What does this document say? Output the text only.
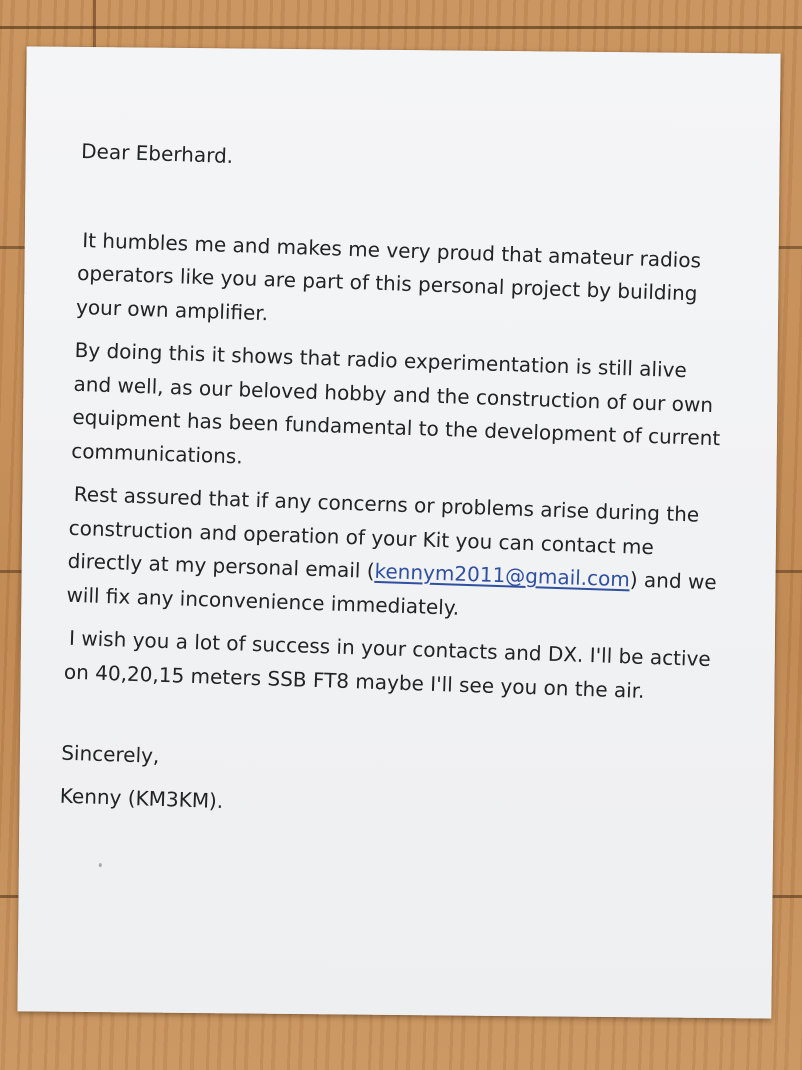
Dear Eberhard.

It humbles me and makes me very proud that amateur radios operators like you are part of this personal project by building your own amplifier.

By doing this it shows that radio experimentation is still alive and well, as our beloved hobby and the construction of our own equipment has been fundamental to the development of current communications.

Rest assured that if any concerns or problems arise during the construction and operation of your Kit you can contact me directly at my personal email (kennym2011@gmail.com) and we will fix any inconvenience immediately.

I wish you a lot of success in your contacts and DX. I'll be active on 40,20,15 meters SSB FT8 maybe I'll see you on the air.

Sincerely,

Kenny (KM3KM).
